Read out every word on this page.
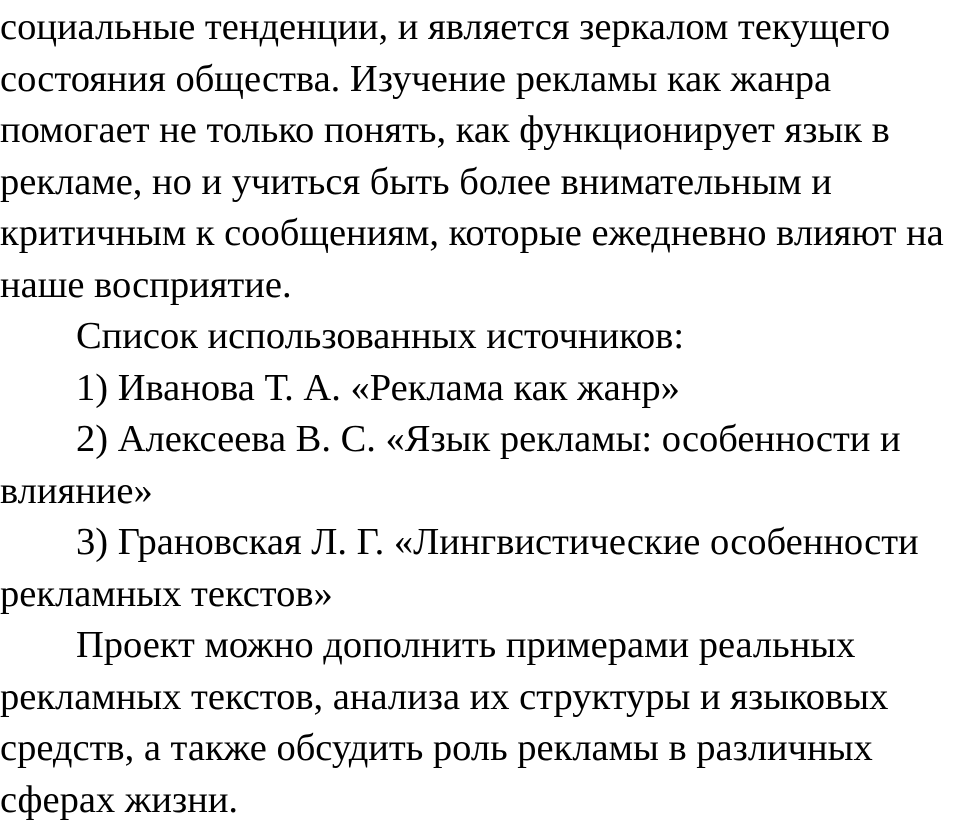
социальные тенденции, и является зеркалом текущего
состояния общества. Изучение рекламы как жанра
помогает не только понять, как функционирует язык в
рекламе, но и учиться быть более внимательным и
критичным к сообщениям, которые ежедневно влияют на
наше восприятие.

Список использованных источников:

1) Иванова Т. А. «Реклама как жанр»

2) Алексеева В. С. «Язык рекламы: особенности и
влияние»

3) Грановская Л. Г. «Лингвистические особенности
рекламных текстов»

Проект можно дополнить примерами реальных
рекламных текстов, анализа их структуры и языковых
средств, а также обсудить роль рекламы в различных
сферах жизни.
